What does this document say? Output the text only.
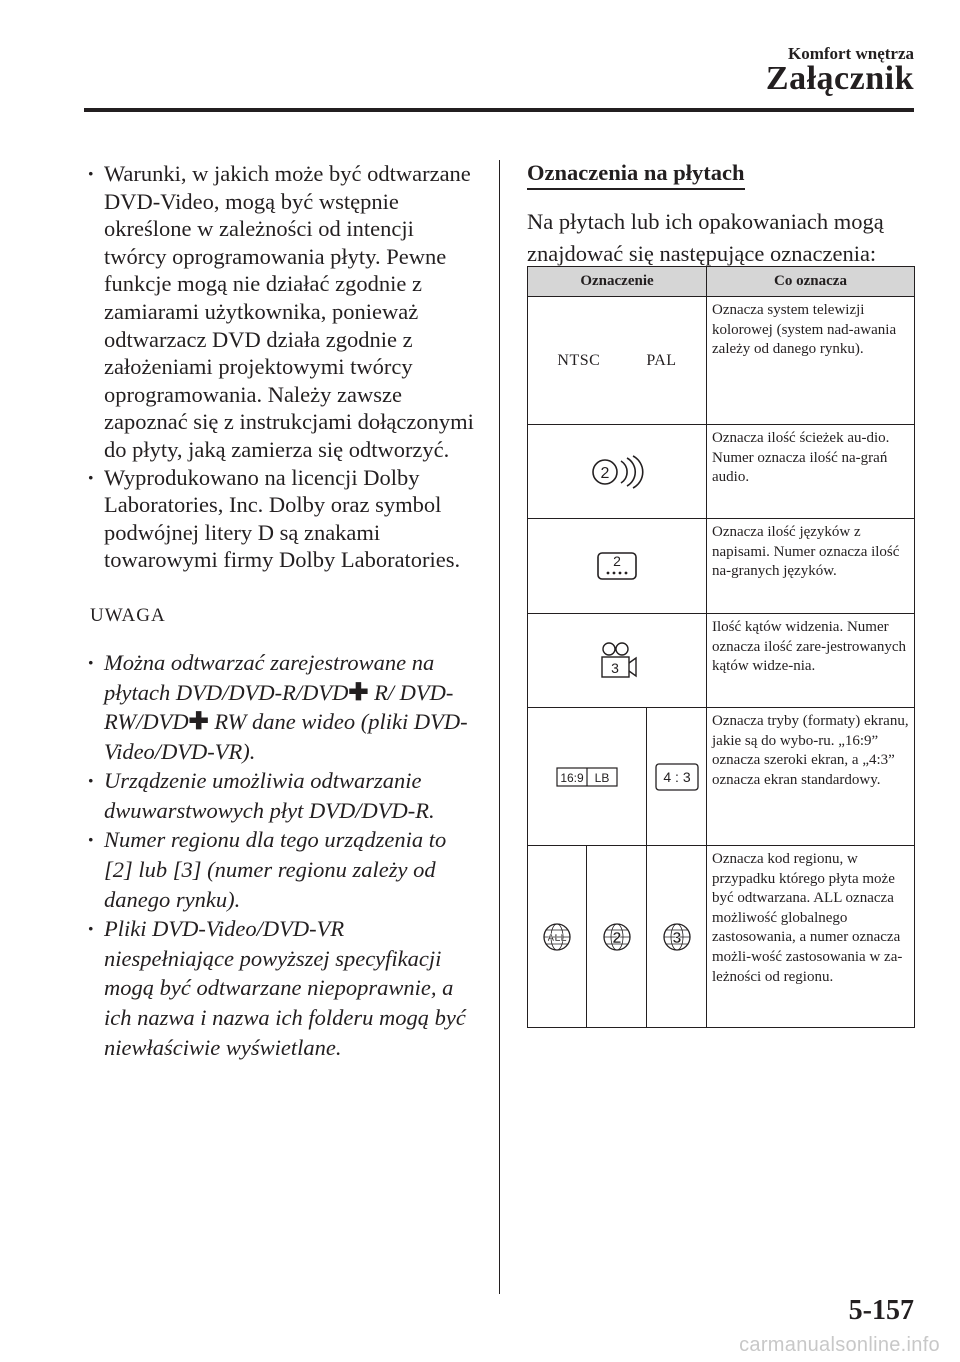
Komfort wnętrza
Załącznik
· Warunki, w jakich może być odtwarzane DVD-Video, mogą być wstępnie określone w zależności od intencji twórcy oprogramowania płyty. Pewne funkcje mogą nie działać zgodnie z zamiarami użytkownika, ponieważ odtwarzacz DVD działa zgodnie z założeniami projektowymi twórcy oprogramowania. Należy zawsze zapoznać się z instrukcjami dołączonymi do płyty, jaką zamierza się odtworzyć.
· Wyprodukowano na licencji Dolby Laboratories, Inc. Dolby oraz symbol podwójnej litery D są znakami towarowymi firmy Dolby Laboratories.
UWAGA
· Można odtwarzać zarejestrowane na płytach DVD/DVD-R/DVD✚ R/ DVD-RW/DVD✚ RW dane wideo (pliki DVD-Video/DVD-VR).
· Urządzenie umożliwia odtwarzanie dwuwarstwowych płyt DVD/DVD-R.
· Numer regionu dla tego urządzenia to [2] lub [3] (numer regionu zależy od danego rynku).
· Pliki DVD-Video/DVD-VR niespełniające powyższej specyfikacji mogą być odtwarzane niepoprawnie, a ich nazwa i nazwa ich folderu mogą być niewłaściwie wyświetlane.
Oznaczenia na płytach

Na płytach lub ich opakowaniach mogą znajdować się następujące oznaczenia:

Oznaczenie			Co oznacza
NTSC PAL			Oznacza system telewizji kolorowej (system nad-awania zależy od danego rynku).

2			Oznacza ilość ścieżek au-dio. Numer oznacza ilość na-grań audio.

2			Oznacza ilość języków z napisami. Numer oznacza ilość na-granych języków.

3			Ilość kątów widzenia. Numer oznacza ilość zare-jestrowanych kątów widze-nia.

16:9 LB		4 : 3	Oznacza tryby (formaty) ekranu, jakie są do wybo-ru. „16:9” oznacza szeroki ekran, a „4:3” oznacza ekran standardowy.

ALL	2	3	Oznacza kod regionu, w przypadku którego płyta może być odtwarzana. ALL oznacza możliwość globalnego zastosowania, a numer oznacza możli-wość zastosowania w za-leżności od regionu.
5-157
carmanualsonline.info
